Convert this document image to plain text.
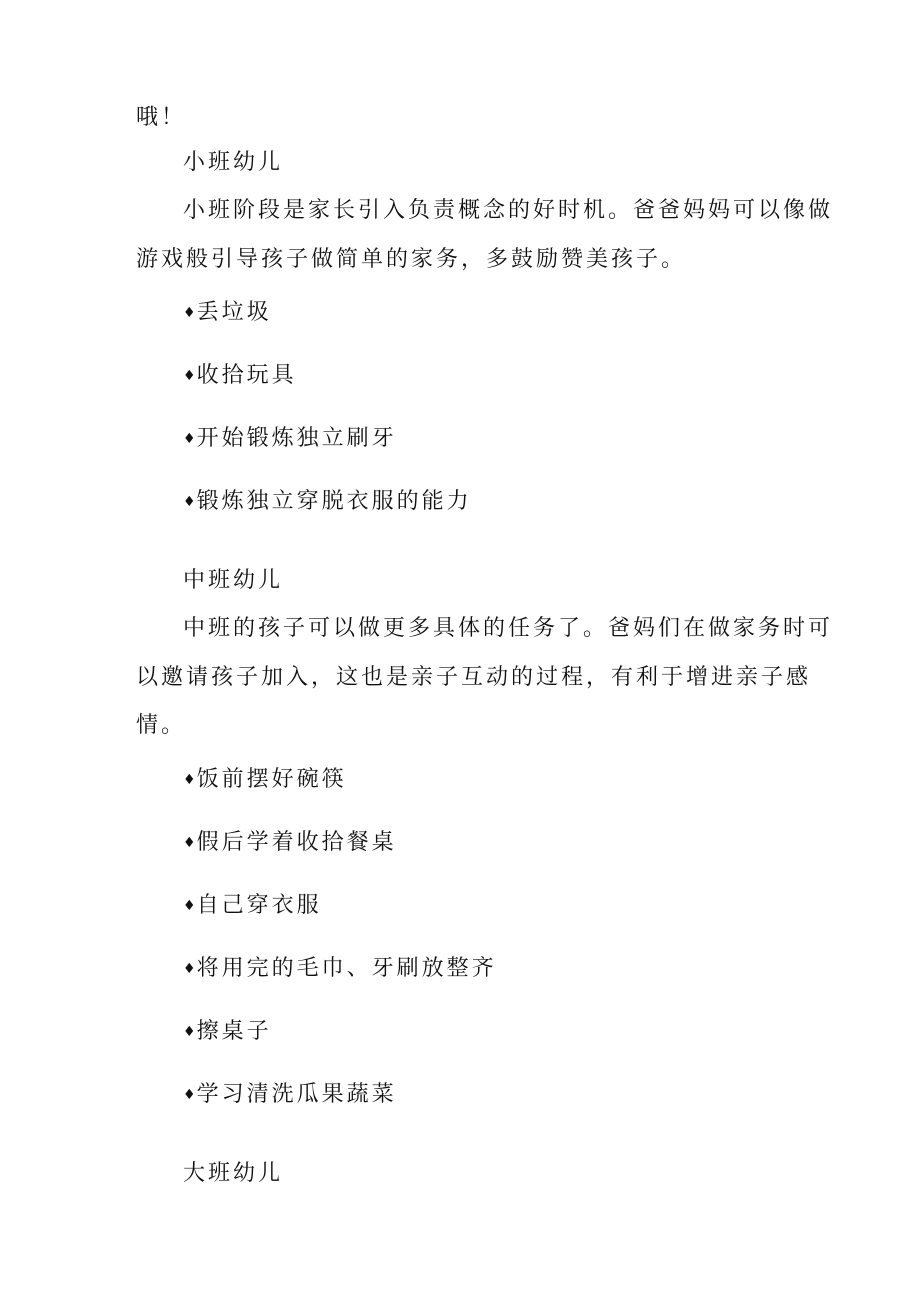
哦！
小班幼儿
小班阶段是家长引入负责概念的好时机。爸爸妈妈可以像做
游戏般引导孩子做简单的家务，多鼓励赞美孩子。
♦ 丢垃圾
♦ 收拾玩具
♦ 开始锻炼独立刷牙
♦ 锻炼独立穿脱衣服的能力
中班幼儿
中班的孩子可以做更多具体的任务了。爸妈们在做家务时可
以邀请孩子加入，这也是亲子互动的过程，有利于增进亲子感
情。
♦ 饭前摆好碗筷
♦ 假后学着收拾餐桌
♦ 自己穿衣服
♦ 将用完的毛巾、牙刷放整齐
♦ 擦桌子
♦ 学习清洗瓜果蔬菜
大班幼儿
